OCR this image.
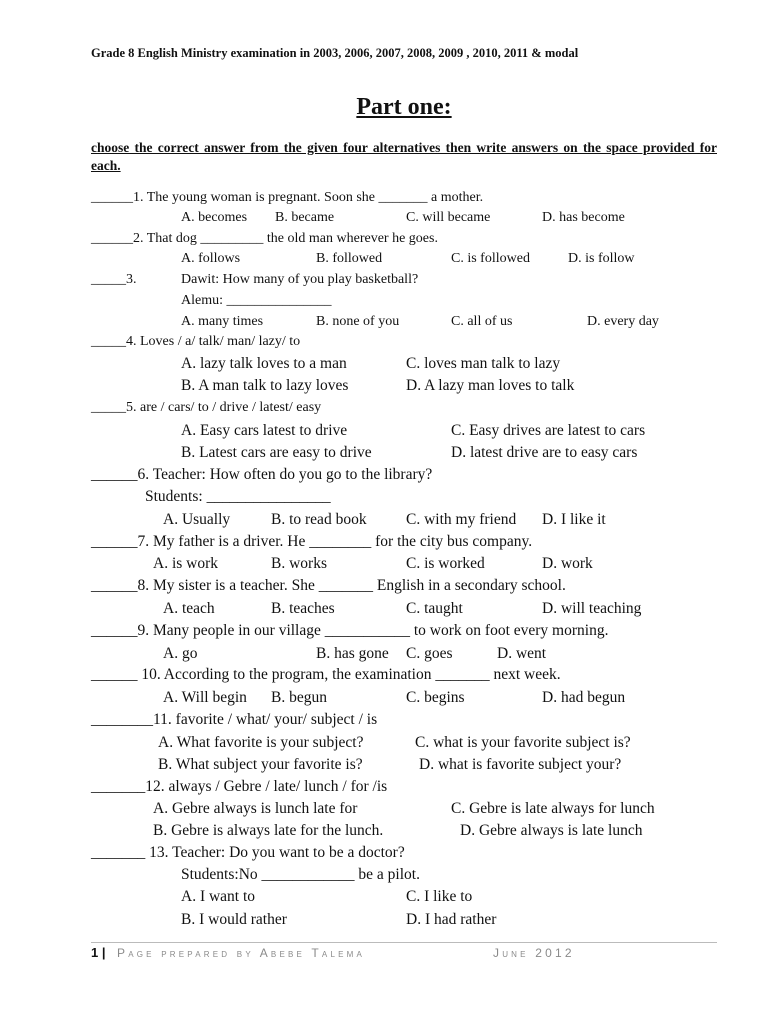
Grade 8 English Ministry examination in 2003, 2006, 2007, 2008, 2009 , 2010, 2011 & modal
Part one:
choose the correct answer from the given four alternatives then write answers on the space provided for each.
______1. The young woman is pregnant. Soon she _______ a mother.
A. becomes B. became	C. will became	D. has become
______2. That dog _________ the old man wherever he goes.
A. follows	B. followed	C. is followed	D. is follow
_____3.	Dawit: How many of you play basketball?
Alemu: _______________
A. many times	B. none of you	C. all of us	D. every day
_____4. Loves / a/ talk/ man/ lazy/ to
A. lazy talk loves to a man	C. loves man talk to lazy
B. A man talk to lazy loves	D. A lazy man loves to talk
_____5. are / cars/ to / drive / latest/ easy
A. Easy cars latest to drive	C. Easy drives are latest to cars
B. Latest cars are easy to drive	D. latest drive are to easy cars
______6. Teacher: How often do you go to the library?
Students: ________________
A. Usually	B. to read book	C. with my friend D. I like it
______7. My father is a driver. He ________ for the city bus company.
A. is work	B. works	C. is worked	D. work
______8. My sister is a teacher. She _______ English in a secondary school.
A. teach	B. teaches	C. taught	D. will teaching
______9. Many people in our village ___________ to work on foot every morning.
A. go	B. has gone C. goes	D. went
______ 10. According to the program, the examination _______ next week.
A. Will begin B. begun	C. begins	D. had begun
________11. favorite / what/ your/ subject / is
A. What favorite is your subject?	C. what is your favorite subject is?
B. What subject your favorite is?	D. what is favorite subject your?
_______12. always / Gebre / late/ lunch / for /is
A. Gebre always is lunch late for	C. Gebre is late always for lunch
B. Gebre is always late for the lunch.	D. Gebre always is late lunch
_______ 13. Teacher: Do you want to be a doctor?
Students:No ____________ be a pilot.
A. I want to	C. I like to
B. I would rather	D. I had rather
1 | Page prepared by Abebe Talema	June 2012
